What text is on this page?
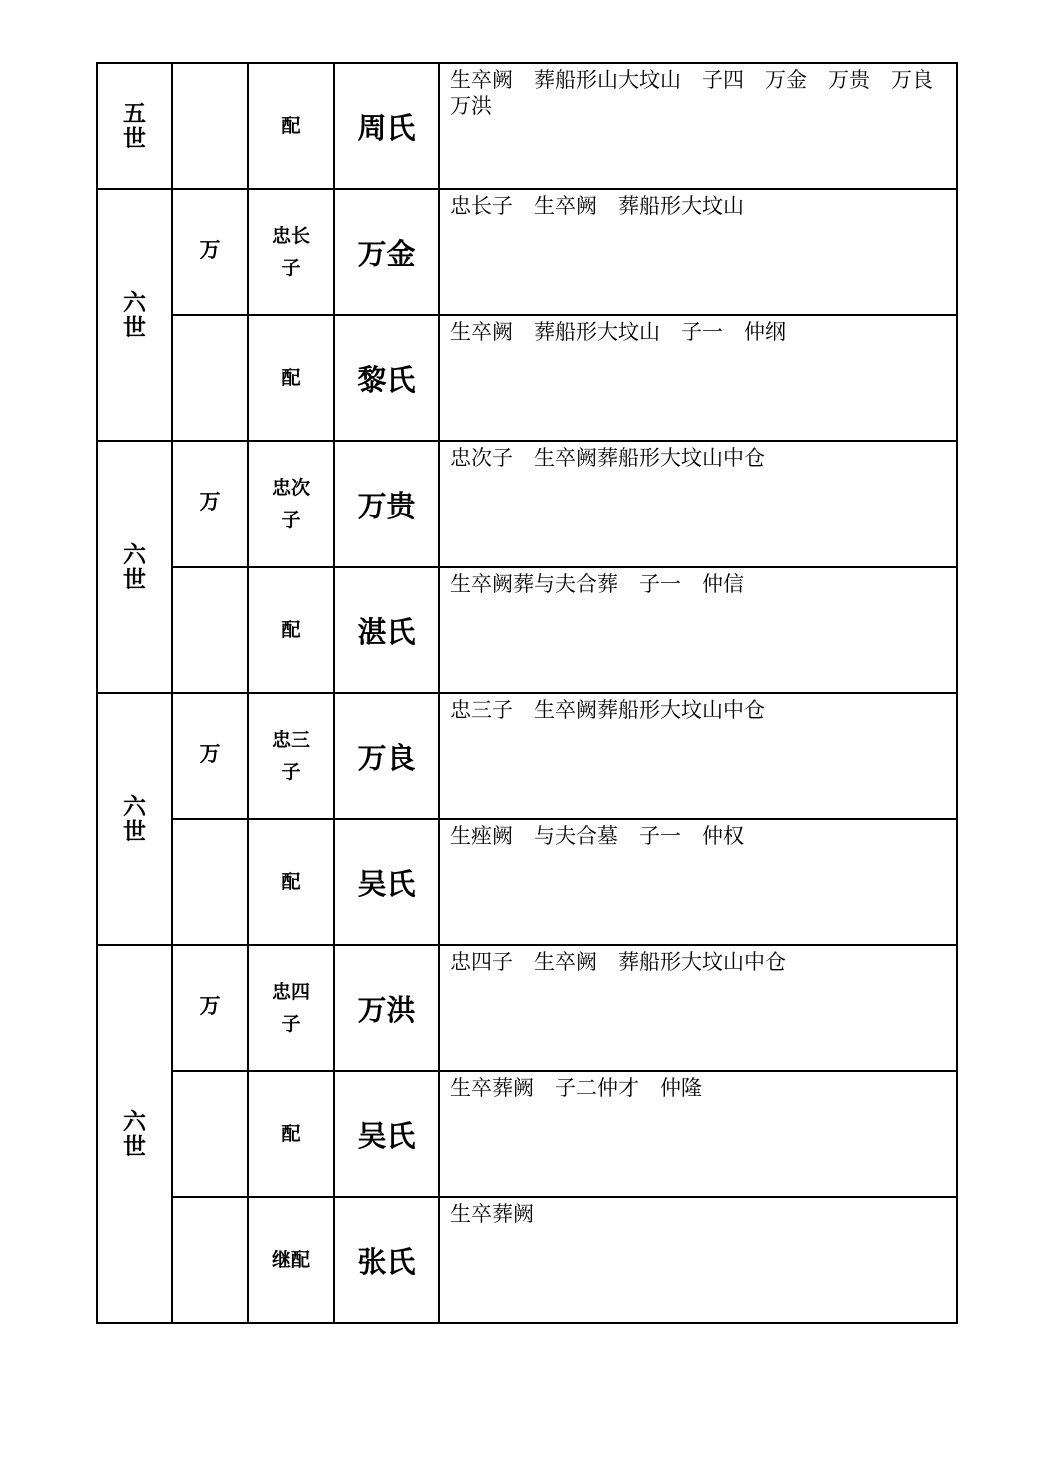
五世		配	周氏	生卒阙　葬船形山大坟山　子四　万金　万贵　万良　万洪

六世	万	忠长子	万金	忠长子　生卒阙　葬船形大坟山

		配	黎氏	生卒阙　葬船形大坟山　子一　仲纲

六世	万	忠次子	万贵	忠次子　生卒阙葬船形大坟山中仓

		配	湛氏	生卒阙葬与夫合葬　子一　仲信

六世	万	忠三子	万良	忠三子　生卒阙葬船形大坟山中仓

		配	吴氏	生痤阙　与夫合墓　子一　仲权

六世	万	忠四子	万洪	忠四子　生卒阙　葬船形大坟山中仓

		配	吴氏	生卒葬阙　子二仲才　仲隆

		继配	张氏	生卒葬阙
